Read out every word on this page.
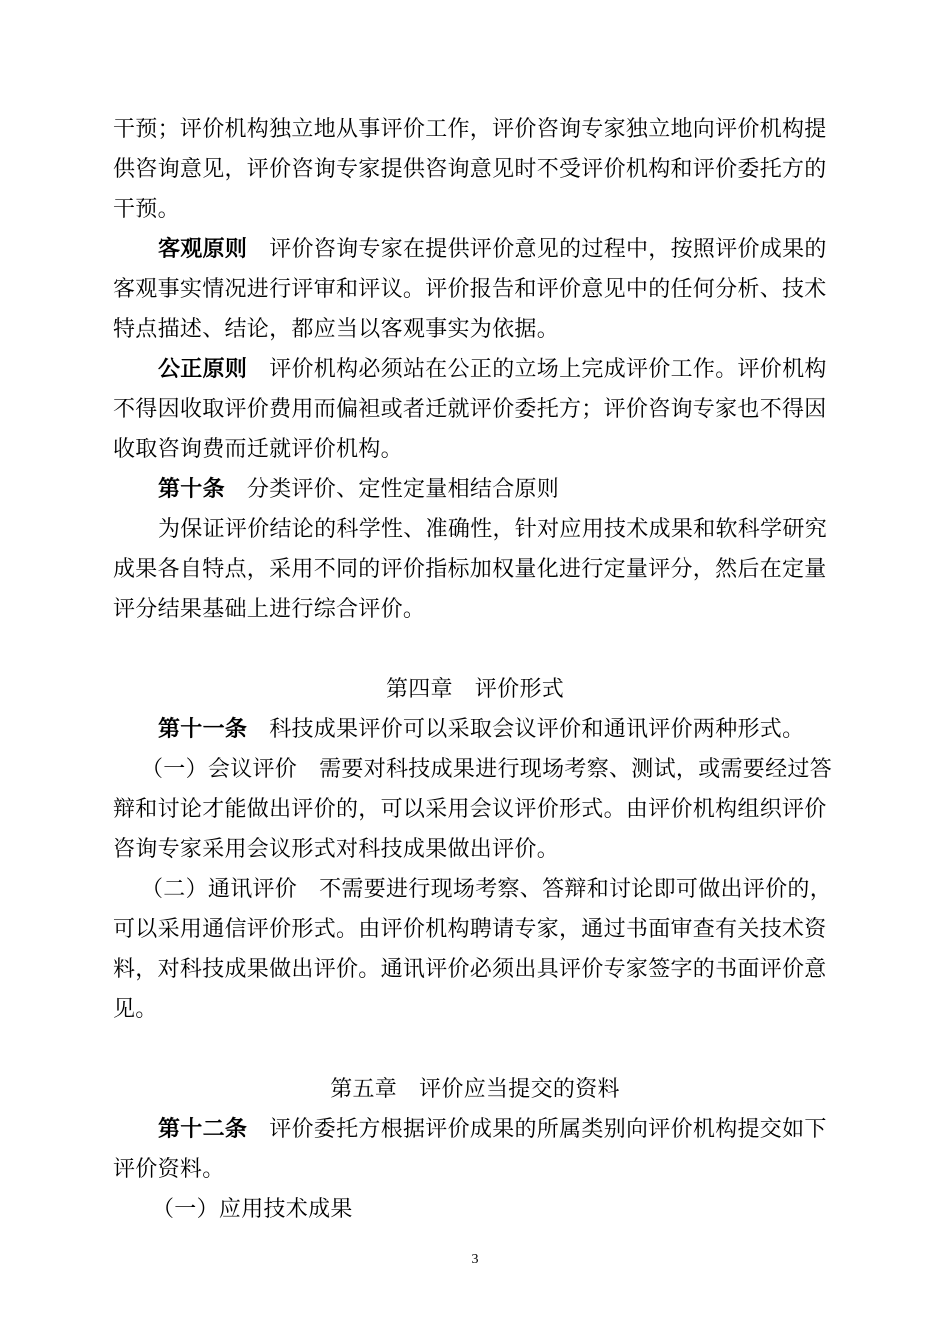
干预；评价机构独立地从事评价工作，评价咨询专家独立地向评价机构提
供咨询意见，评价咨询专家提供咨询意见时不受评价机构和评价委托方的
干预。
客观原则 评价咨询专家在提供评价意见的过程中，按照评价成果的
客观事实情况进行评审和评议。评价报告和评价意见中的任何分析、技术
特点描述、结论，都应当以客观事实为依据。
公正原则 评价机构必须站在公正的立场上完成评价工作。评价机构
不得因收取评价费用而偏袒或者迁就评价委托方；评价咨询专家也不得因
收取咨询费而迁就评价机构。
第十条 分类评价、定性定量相结合原则
为保证评价结论的科学性、准确性，针对应用技术成果和软科学研究
成果各自特点，采用不同的评价指标加权量化进行定量评分，然后在定量
评分结果基础上进行综合评价。
第四章 评价形式
第十一条 科技成果评价可以采取会议评价和通讯评价两种形式。
（一）会议评价 需要对科技成果进行现场考察、测试，或需要经过答
辩和讨论才能做出评价的，可以采用会议评价形式。由评价机构组织评价
咨询专家采用会议形式对科技成果做出评价。
（二）通讯评价 不需要进行现场考察、答辩和讨论即可做出评价的，
可以采用通信评价形式。由评价机构聘请专家，通过书面审查有关技术资
料，对科技成果做出评价。通讯评价必须出具评价专家签字的书面评价意
见。
第五章 评价应当提交的资料
第十二条 评价委托方根据评价成果的所属类别向评价机构提交如下
评价资料。
（一）应用技术成果
3
